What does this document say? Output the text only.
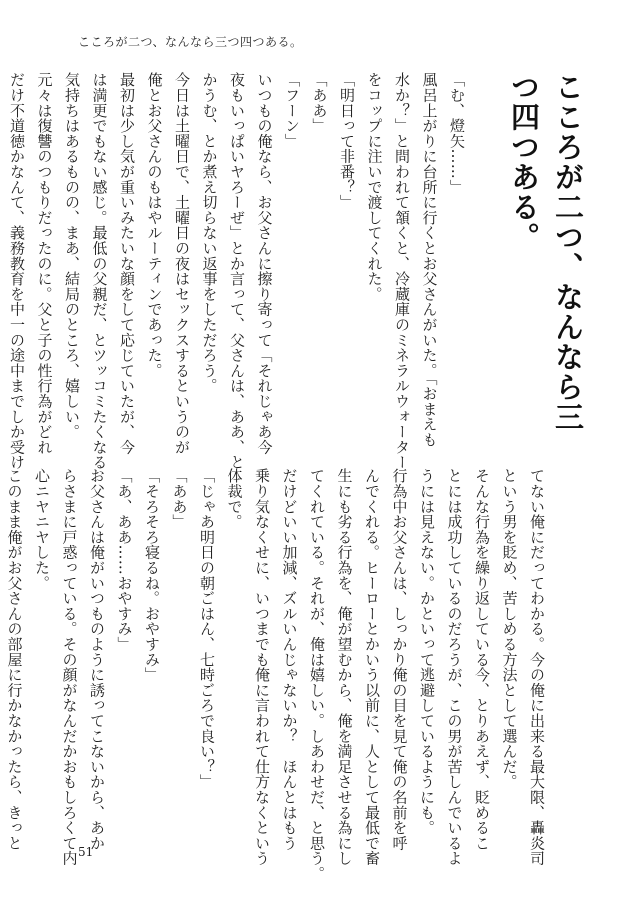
こころが二つ、なんなら三つ四つある。
こころが二つ、なんなら三つ四つある。
「む、燈矢……」
風呂上がりに台所に行くとお父さんがいた。「おまえも
水か？」と問われて頷くと、冷蔵庫のミネラルウォーター
をコップに注いで渡してくれた。
「明日って非番？」
「ああ」
「フーン」
いつもの俺なら、お父さんに擦り寄って「それじゃあ今
夜もいっぱいヤろーぜ」とか言って、父さんは、ああ、と
かうむ、とか煮え切らない返事をしただろう。
今日は土曜日で、土曜日の夜はセックスするというのが
俺とお父さんのもはやルーティンであった。
最初は少し気が重いみたいな顔をして応じていたが、今
は満更でもない感じ。最低の父親だ、とツッコミたくなる
気持ちはあるものの、まあ、結局のところ、嬉しい。
元々は復讐のつもりだったのに。父と子の性行為がどれ
だけ不道徳かなんて、義務教育を中一の途中までしか受け
てない俺にだってわかる。今の俺に出来る最大限、轟炎司
という男を貶め、苦しめる方法として選んだ。
そんな行為を繰り返している今、とりあえず、貶めるこ
とには成功しているのだろうが、この男が苦しんでいるよ
うには見えない。かといって逃避しているようにも。
行為中お父さんは、しっかり俺の目を見て俺の名前を呼
んでくれる。ヒーローとかいう以前に、人として最低で畜
生にも劣る行為を、俺が望むから、俺を満足させる為にし
てくれている。それが、俺は嬉しい。しあわせだ、と思う。
だけどいい加減、ズルいんじゃないか？　ほんとはもう
乗り気なくせに、いつまでも俺に言われて仕方なくという
体裁で。
「じゃあ明日の朝ごはん、七時ごろで良い？」
「ああ」
「そろそろ寝るね。おやすみ」
「あ、ああ……おやすみ」
お父さんは俺がいつものように誘ってこないから、あか
らさまに戸惑っている。その顔がなんだかおもしろくて内
心ニヤニヤした。
このまま俺がお父さんの部屋に行かなかったら、きっと
51
